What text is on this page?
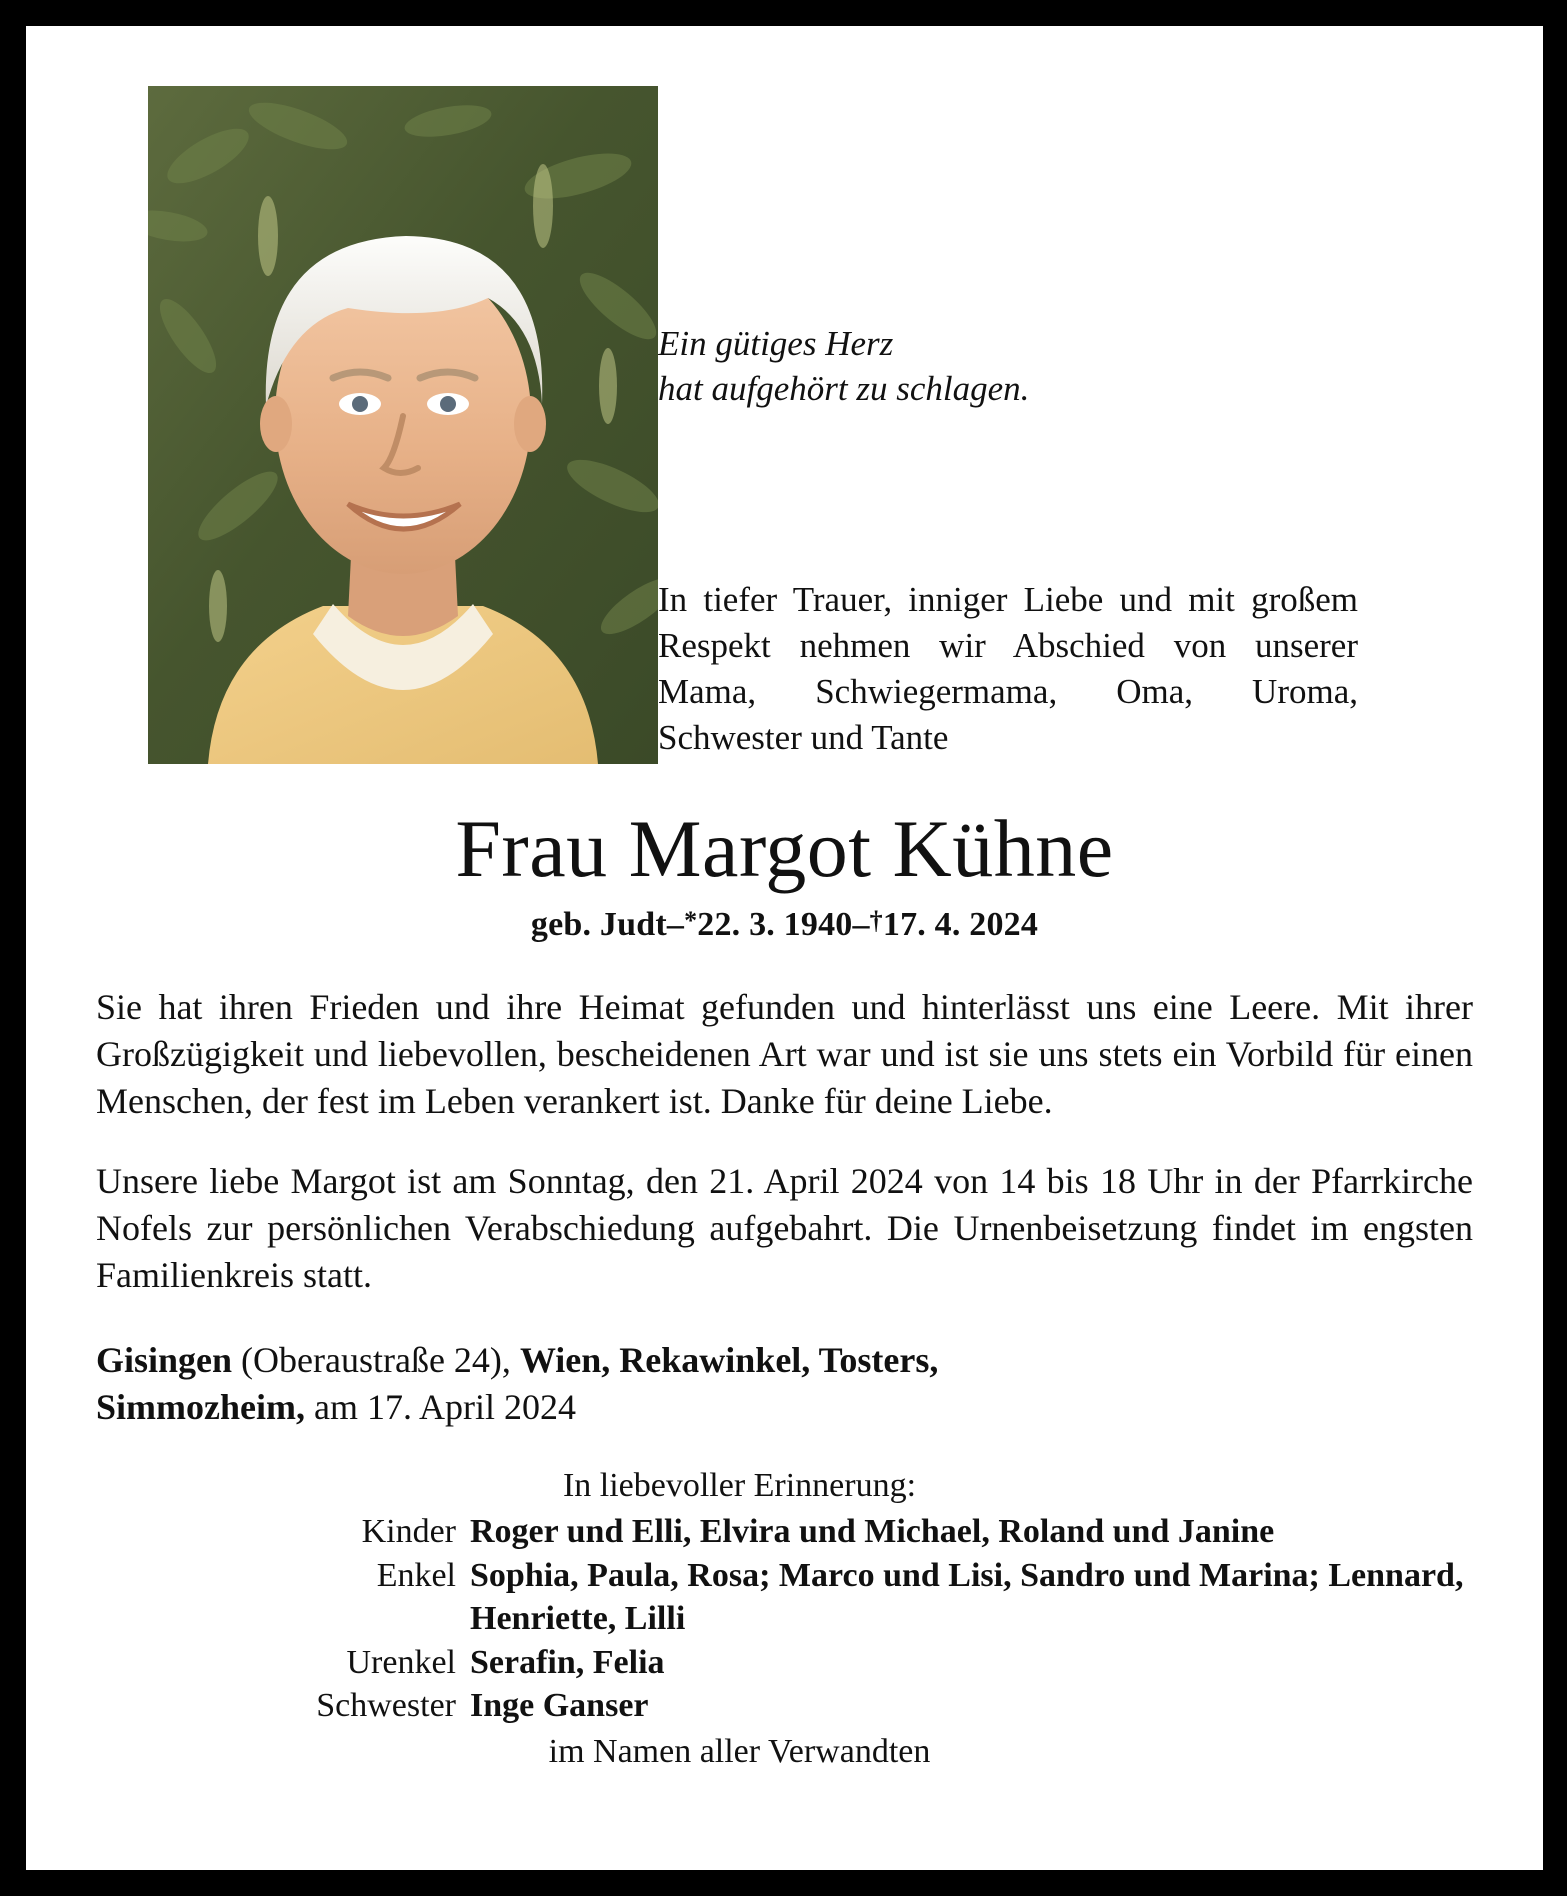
Ein gütiges Herz
hat aufgehört zu schlagen.
In tiefer Trauer, inniger Liebe und mit großem Respekt nehmen wir Abschied von unserer Mama, Schwiegermama, Oma, Uroma, Schwester und Tante
Frau Margot Kühne
geb. Judt–*22. 3. 1940–†17. 4. 2024
Sie hat ihren Frieden und ihre Heimat gefunden und hinterlässt uns eine Leere. Mit ihrer Großzügigkeit und liebevollen, bescheidenen Art war und ist sie uns stets ein Vorbild für einen Menschen, der fest im Leben verankert ist. Danke für deine Liebe.
Unsere liebe Margot ist am Sonntag, den 21. April 2024 von 14 bis 18 Uhr in der Pfarrkirche Nofels zur persönlichen Verabschiedung aufgebahrt. Die Urnenbeisetzung findet im engsten Familienkreis statt.
Gisingen (Oberaustraße 24), Wien, Rekawinkel, Tosters,
Simmozheim, am 17. April 2024
In liebevoller Erinnerung:
Kinder Roger und Elli, Elvira und Michael, Roland und Janine
Enkel Sophia, Paula, Rosa; Marco und Lisi, Sandro und Marina; Lennard, Henriette, Lilli
Urenkel Serafin, Felia
Schwester Inge Ganser
im Namen aller Verwandten
